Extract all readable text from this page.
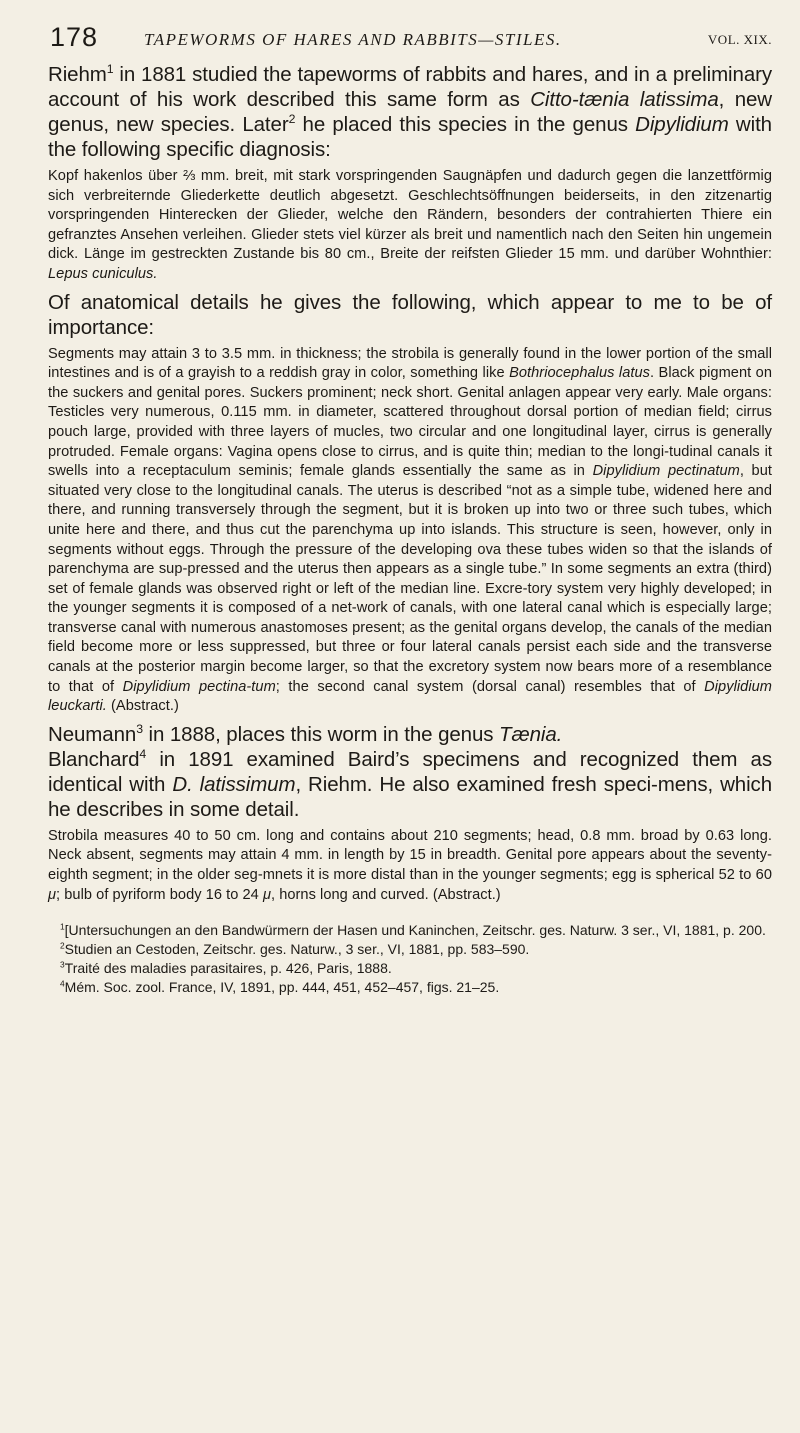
178	TAPEWORMS OF HARES AND RABBITS—STILES.	VOL. XIX.

Riehm$^1$ in 1881 studied the tapeworms of rabbits and hares, and in a preliminary account of his work described this same form as Citto-tænia latissima, new genus, new species. Later$^2$ he placed this species in the genus Dipylidium with the following specific diagnosis:

Kopf hakenlos über ⅔ mm. breit, mit stark vorspringenden Saugnäpfen und dadurch gegen die lanzettförmig sich verbreiternde Gliederkette deutlich abgesetzt. Geschlechtsöffnungen beiderseits, in den zitzenartig vorspringenden Hinterecken der Glieder, welche den Rändern, besonders der contrahierten Thiere ein gefranztes Ansehen verleihen. Glieder stets viel kürzer als breit und namentlich nach den Seiten hin ungemein dick. Länge im gestreckten Zustande bis 80 cm., Breite der reifsten Glieder 15 mm. und darüber Wohnthier: Lepus cuniculus.

Of anatomical details he gives the following, which appear to me to be of importance:

Segments may attain 3 to 3.5 mm. in thickness; the strobila is generally found in the lower portion of the small intestines and is of a grayish to a reddish gray in color, something like Bothriocephalus latus. Black pigment on the suckers and genital pores. Suckers prominent; neck short. Genital anlagen appear very early. Male organs: Testicles very numerous, 0.115 mm. in diameter, scattered throughout dorsal portion of median field; cirrus pouch large, provided with three layers of mucles, two circular and one longitudinal layer, cirrus is generally protruded. Female organs: Vagina opens close to cirrus, and is quite thin; median to the longi-tudinal canals it swells into a receptaculum seminis; female glands essentially the same as in Dipylidium pectinatum, but situated very close to the longitudinal canals. The uterus is described “not as a simple tube, widened here and there, and running transversely through the segment, but it is broken up into two or three such tubes, which unite here and there, and thus cut the parenchyma up into islands. This structure is seen, however, only in segments without eggs. Through the pressure of the developing ova these tubes widen so that the islands of parenchyma are sup-pressed and the uterus then appears as a single tube.” In some segments an extra (third) set of female glands was observed right or left of the median line. Excre-tory system very highly developed; in the younger segments it is composed of a net-work of canals, with one lateral canal which is especially large; transverse canal with numerous anastomoses present; as the genital organs develop, the canals of the median field become more or less suppressed, but three or four lateral canals persist each side and the transverse canals at the posterior margin become larger, so that the excretory system now bears more of a resemblance to that of Dipylidium pectina-tum; the second canal system (dorsal canal) resembles that of Dipylidium leuckarti. (Abstract.)

Neumann$^3$ in 1888, places this worm in the genus Tænia.

Blanchard$^4$ in 1891 examined Baird’s specimens and recognized them as identical with D. latissimum, Riehm. He also examined fresh speci-mens, which he describes in some detail.

Strobila measures 40 to 50 cm. long and contains about 210 segments; head, 0.8 mm. broad by 0.63 long. Neck absent, segments may attain 4 mm. in length by 15 in breadth. Genital pore appears about the seventy-eighth segment; in the older seg-mnets it is more distal than in the younger segments; egg is spherical 52 to 60 μ; bulb of pyriform body 16 to 24 μ, horns long and curved. (Abstract.)

$^1$[Untersuchungen an den Bandwürmern der Hasen und Kaninchen, Zeitschr. ges. Naturw. 3 ser., VI, 1881, p. 200.

$^2$Studien an Cestoden, Zeitschr. ges. Naturw., 3 ser., VI, 1881, pp. 583–590.

$^3$Traité des maladies parasitaires, p. 426, Paris, 1888.

$^4$Mém. Soc. zool. France, IV, 1891, pp. 444, 451, 452–457, figs. 21–25.
